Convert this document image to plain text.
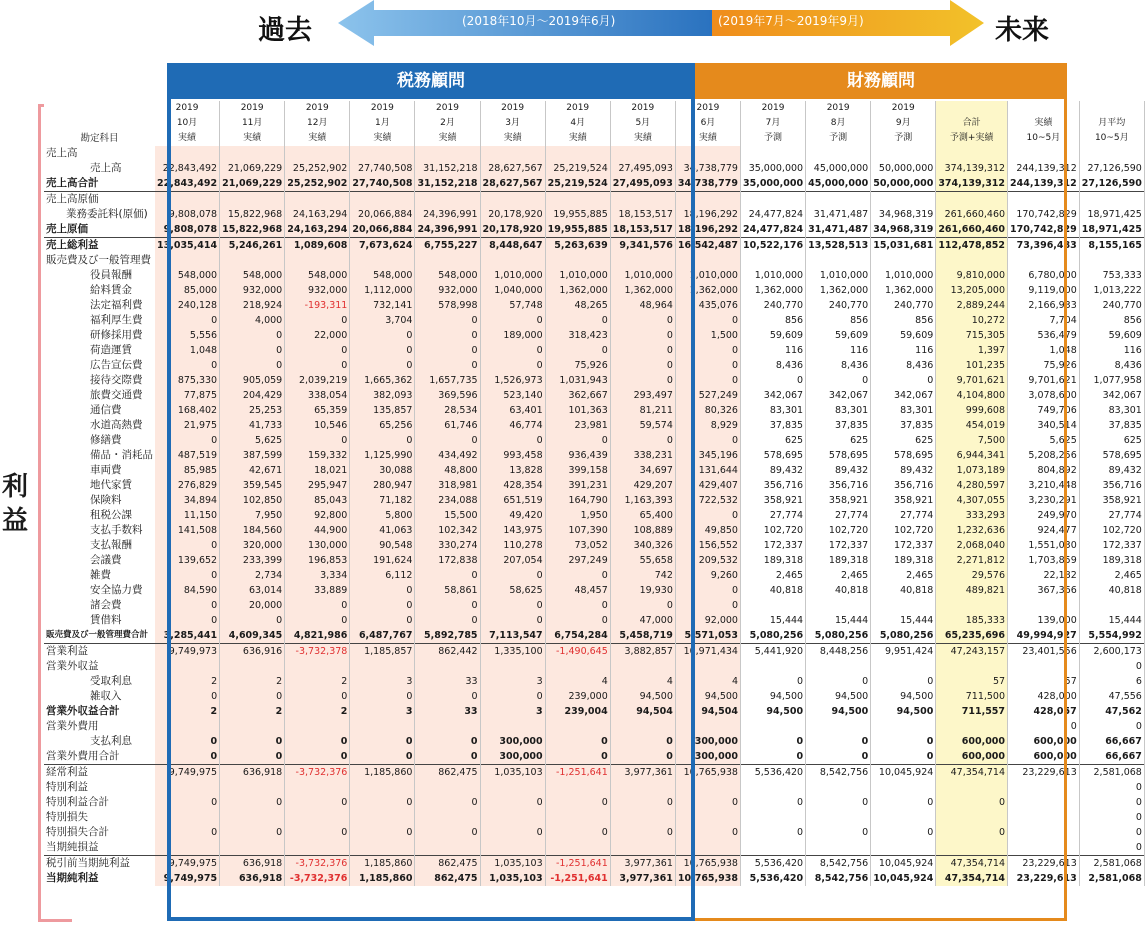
過去	(2018年10月～2019年6月)	(2019年7月～2019年9月)	未来
税務顧問	財務顧問
利
益
	2019	2019	2019	2019	2019	2019	2019	2019	2019	2019	2019	2019			
	10月	11月	12月	1月	2月	3月	4月	5月	6月	7月	8月	9月	合計	実績	月平均
勘定科目	実績	実績	実績	実績	実績	実績	実績	実績	実績	予測	予測	予測	予測+実績	10~5月	10~5月
売上高															
売上高	22,843,492	21,069,229	25,252,902	27,740,508	31,152,218	28,627,567	25,219,524	27,495,093	34,738,779	35,000,000	45,000,000	50,000,000	374,139,312	244,139,312	27,126,590
売上高合計	22,843,492	21,069,229	25,252,902	27,740,508	31,152,218	28,627,567	25,219,524	27,495,093	34,738,779	35,000,000	45,000,000	50,000,000	374,139,312	244,139,312	27,126,590
売上高原価															
業務委託料(原価)	9,808,078	15,822,968	24,163,294	20,066,884	24,396,991	20,178,920	19,955,885	18,153,517	18,196,292	24,477,824	31,471,487	34,968,319	261,660,460	170,742,829	18,971,425
売上原価	9,808,078	15,822,968	24,163,294	20,066,884	24,396,991	20,178,920	19,955,885	18,153,517	18,196,292	24,477,824	31,471,487	34,968,319	261,660,460	170,742,829	18,971,425
売上総利益	13,035,414	5,246,261	1,089,608	7,673,624	6,755,227	8,448,647	5,263,639	9,341,576	16,542,487	10,522,176	13,528,513	15,031,681	112,478,852	73,396,483	8,155,165
販売費及び一般管理費															
役員報酬	548,000	548,000	548,000	548,000	548,000	1,010,000	1,010,000	1,010,000	1,010,000	1,010,000	1,010,000	1,010,000	9,810,000	6,780,000	753,333
給料賃金	85,000	932,000	932,000	1,112,000	932,000	1,040,000	1,362,000	1,362,000	1,362,000	1,362,000	1,362,000	1,362,000	13,205,000	9,119,000	1,013,222
法定福利費	240,128	218,924	-193,311	732,141	578,998	57,748	48,265	48,964	435,076	240,770	240,770	240,770	2,889,244	2,166,933	240,770
福利厚生費	0	4,000	0	3,704	0	0	0	0	0	856	856	856	10,272	7,704	856
研修採用費	5,556	0	22,000	0	0	189,000	318,423	0	1,500	59,609	59,609	59,609	715,305	536,479	59,609
荷造運賃	1,048	0	0	0	0	0	0	0	0	116	116	116	1,397	1,048	116
広告宣伝費	0	0	0	0	0	0	75,926	0	0	8,436	8,436	8,436	101,235	75,926	8,436
接待交際費	875,330	905,059	2,039,219	1,665,362	1,657,735	1,526,973	1,031,943	0	0	0	0	0	9,701,621	9,701,621	1,077,958
旅費交通費	77,875	204,429	338,054	382,093	369,596	523,140	362,667	293,497	527,249	342,067	342,067	342,067	4,104,800	3,078,600	342,067
通信費	168,402	25,253	65,359	135,857	28,534	63,401	101,363	81,211	80,326	83,301	83,301	83,301	999,608	749,706	83,301
水道高熱費	21,975	41,733	10,546	65,256	61,746	46,774	23,981	59,574	8,929	37,835	37,835	37,835	454,019	340,514	37,835
修繕費	0	5,625	0	0	0	0	0	0	0	625	625	625	7,500	5,625	625
備品・消耗品	487,519	387,599	159,332	1,125,990	434,492	993,458	936,439	338,231	345,196	578,695	578,695	578,695	6,944,341	5,208,256	578,695
車両費	85,985	42,671	18,021	30,088	48,800	13,828	399,158	34,697	131,644	89,432	89,432	89,432	1,073,189	804,892	89,432
地代家賃	276,829	359,545	295,947	280,947	318,981	428,354	391,231	429,207	429,407	356,716	356,716	356,716	4,280,597	3,210,448	356,716
保険料	34,894	102,850	85,043	71,182	234,088	651,519	164,790	1,163,393	722,532	358,921	358,921	358,921	4,307,055	3,230,291	358,921
租税公課	11,150	7,950	92,800	5,800	15,500	49,420	1,950	65,400	0	27,774	27,774	27,774	333,293	249,970	27,774
支払手数料	141,508	184,560	44,900	41,063	102,342	143,975	107,390	108,889	49,850	102,720	102,720	102,720	1,232,636	924,477	102,720
支払報酬	0	320,000	130,000	90,548	330,274	110,278	73,052	340,326	156,552	172,337	172,337	172,337	2,068,040	1,551,030	172,337
会議費	139,652	233,399	196,853	191,624	172,838	207,054	297,249	55,658	209,532	189,318	189,318	189,318	2,271,812	1,703,859	189,318
雑費	0	2,734	3,334	6,112	0	0	0	742	9,260	2,465	2,465	2,465	29,576	22,182	2,465
安全協力費	84,590	63,014	33,889	0	58,861	58,625	48,457	19,930	0	40,818	40,818	40,818	489,821	367,366	40,818
諸会費	0	20,000	0	0	0	0	0	0	0						
賃借料	0	0	0	0	0	0	0	47,000	92,000	15,444	15,444	15,444	185,333	139,000	15,444
販売費及び一般管理費合計	3,285,441	4,609,345	4,821,986	6,487,767	5,892,785	7,113,547	6,754,284	5,458,719	5,571,053	5,080,256	5,080,256	5,080,256	65,235,696	49,994,927	5,554,992
営業利益	9,749,973	636,916	-3,732,378	1,185,857	862,442	1,335,100	-1,490,645	3,882,857	10,971,434	5,441,920	8,448,256	9,951,424	47,243,157	23,401,556	2,600,173
営業外収益															0
受取利息	2	2	2	3	33	3	4	4	4	0	0	0	57	57	6
雑収入	0	0	0	0	0	0	239,000	94,500	94,500	94,500	94,500	94,500	711,500	428,000	47,556
営業外収益合計	2	2	2	3	33	3	239,004	94,504	94,504	94,500	94,500	94,500	711,557	428,057	47,562
営業外費用														0	0
支払利息	0	0	0	0	0	300,000	0	0	300,000	0	0	0	600,000	600,000	66,667
営業外費用合計	0	0	0	0	0	300,000	0	0	300,000	0	0	0	600,000	600,000	66,667
経常利益	9,749,975	636,918	-3,732,376	1,185,860	862,475	1,035,103	-1,251,641	3,977,361	10,765,938	5,536,420	8,542,756	10,045,924	47,354,714	23,229,613	2,581,068
特別利益															0
特別利益合計	0	0	0	0	0	0	0	0	0	0	0	0	0		0
特別損失															0
特別損失合計	0	0	0	0	0	0	0	0	0	0	0	0	0		0
当期純損益															0
税引前当期純利益	9,749,975	636,918	-3,732,376	1,185,860	862,475	1,035,103	-1,251,641	3,977,361	10,765,938	5,536,420	8,542,756	10,045,924	47,354,714	23,229,613	2,581,068
当期純利益	9,749,975	636,918	-3,732,376	1,185,860	862,475	1,035,103	-1,251,641	3,977,361	10,765,938	5,536,420	8,542,756	10,045,924	47,354,714	23,229,613	2,581,068
